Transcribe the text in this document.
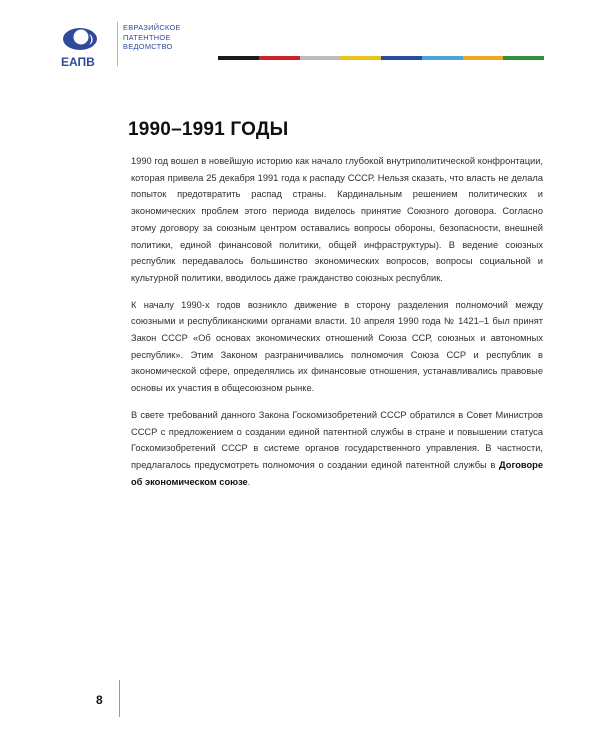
ЕАПВ
ЕВРАЗИЙСКОЕ
ПАТЕНТНОЕ
ВЕДОМСТВО
1990–1991 ГОДЫ

1990 год вошел в новейшую историю как начало глубокой внутриполитической конфронтации, которая привела 25 декабря 1991 года к распаду СССР. Нельзя сказать, что власть не делала попыток предотвратить распад страны. Кардинальным решением политических и экономических проблем этого периода виделось принятие Союзного договора. Согласно этому договору за союзным центром оставались вопросы обороны, безопасности, внешней политики, единой финансовой политики, общей инфраструктуры). В ведение союзных республик передавалось большинство экономических вопросов, вопросы социальной и культурной политики, вводилось даже гражданство союзных республик.

К началу 1990-х годов возникло движение в сторону разделения полномочий между союзными и республиканскими органами власти. 10 апреля 1990 года № 1421–1 был принят Закон СССР «Об основах экономических отношений Союза ССР, союзных и автономных республик». Этим Законом разграничивались полномочия Союза ССР и республик в экономической сфере, определялись их финансовые отношения, устанавливались правовые основы их участия в общесоюзном рынке.

В свете требований данного Закона Госкомизобретений СССР обратился в Совет Министров СССР с предложением о создании единой патентной службы в стране и повышении статуса Госкомизобретений СССР в системе органов государственного управления. В частности, предлагалось предусмотреть полномочия о создании единой патентной службы в Договоре об экономическом союзе.

8
